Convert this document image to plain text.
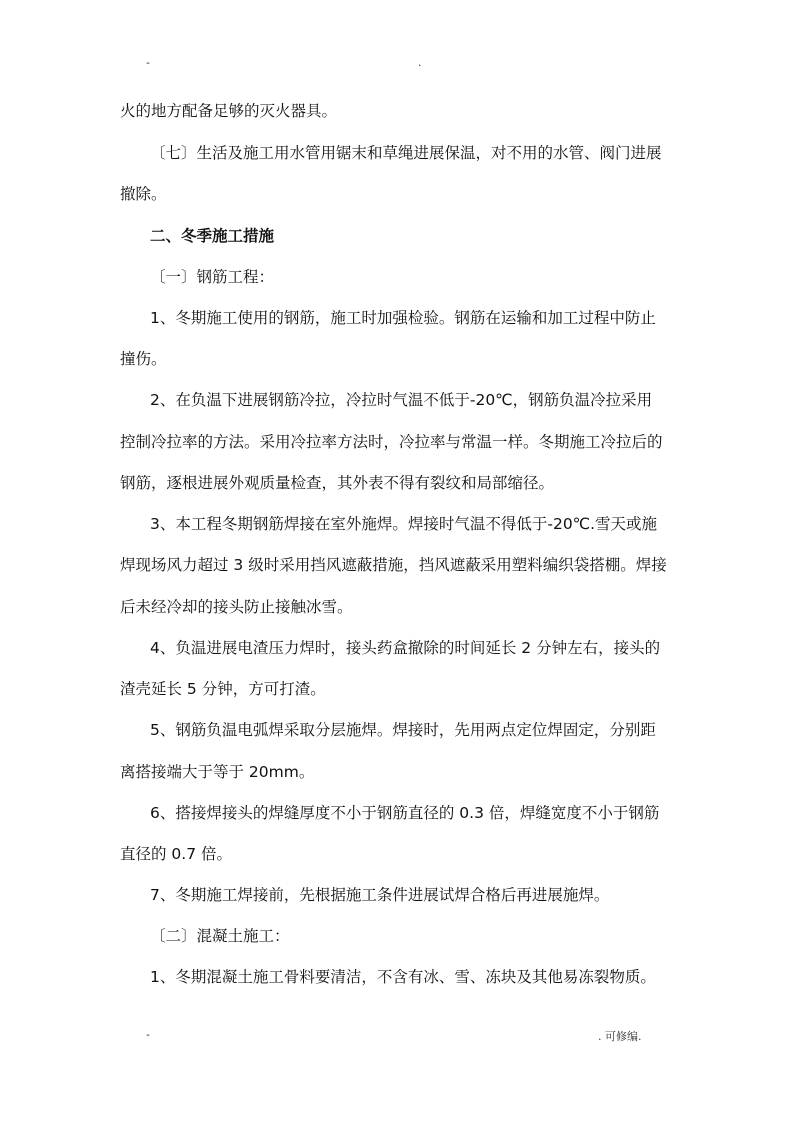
-	.
火的地方配备足够的灭火器具。
〔七〕生活及施工用水管用锯末和草绳进展保温，对不用的水管、阀门进展
撤除。
二、冬季施工措施
〔一〕钢筋工程：
1、冬期施工使用的钢筋，施工时加强检验。钢筋在运输和加工过程中防止
撞伤。
2、在负温下进展钢筋冷拉，冷拉时气温不低于-20℃，钢筋负温冷拉采用
控制冷拉率的方法。采用冷拉率方法时，冷拉率与常温一样。冬期施工冷拉后的
钢筋，逐根进展外观质量检查，其外表不得有裂纹和局部缩径。
3、本工程冬期钢筋焊接在室外施焊。焊接时气温不得低于-20℃.雪天或施
焊现场风力超过 3 级时采用挡风遮蔽措施，挡风遮蔽采用塑料编织袋搭棚。焊接
后未经冷却的接头防止接触冰雪。
4、负温进展电渣压力焊时，接头药盒撤除的时间延长 2 分钟左右，接头的
渣壳延长 5 分钟，方可打渣。
5、钢筋负温电弧焊采取分层施焊。焊接时，先用两点定位焊固定，分别距
离搭接端大于等于 20mm。
6、搭接焊接头的焊缝厚度不小于钢筋直径的 0.3 倍，焊缝宽度不小于钢筋
直径的 0.7 倍。
7、冬期施工焊接前，先根据施工条件进展试焊合格后再进展施焊。
〔二〕混凝土施工：
1、冬期混凝土施工骨料要清洁，不含有冰、雪、冻块及其他易冻裂物质。
-	. 可修编.
